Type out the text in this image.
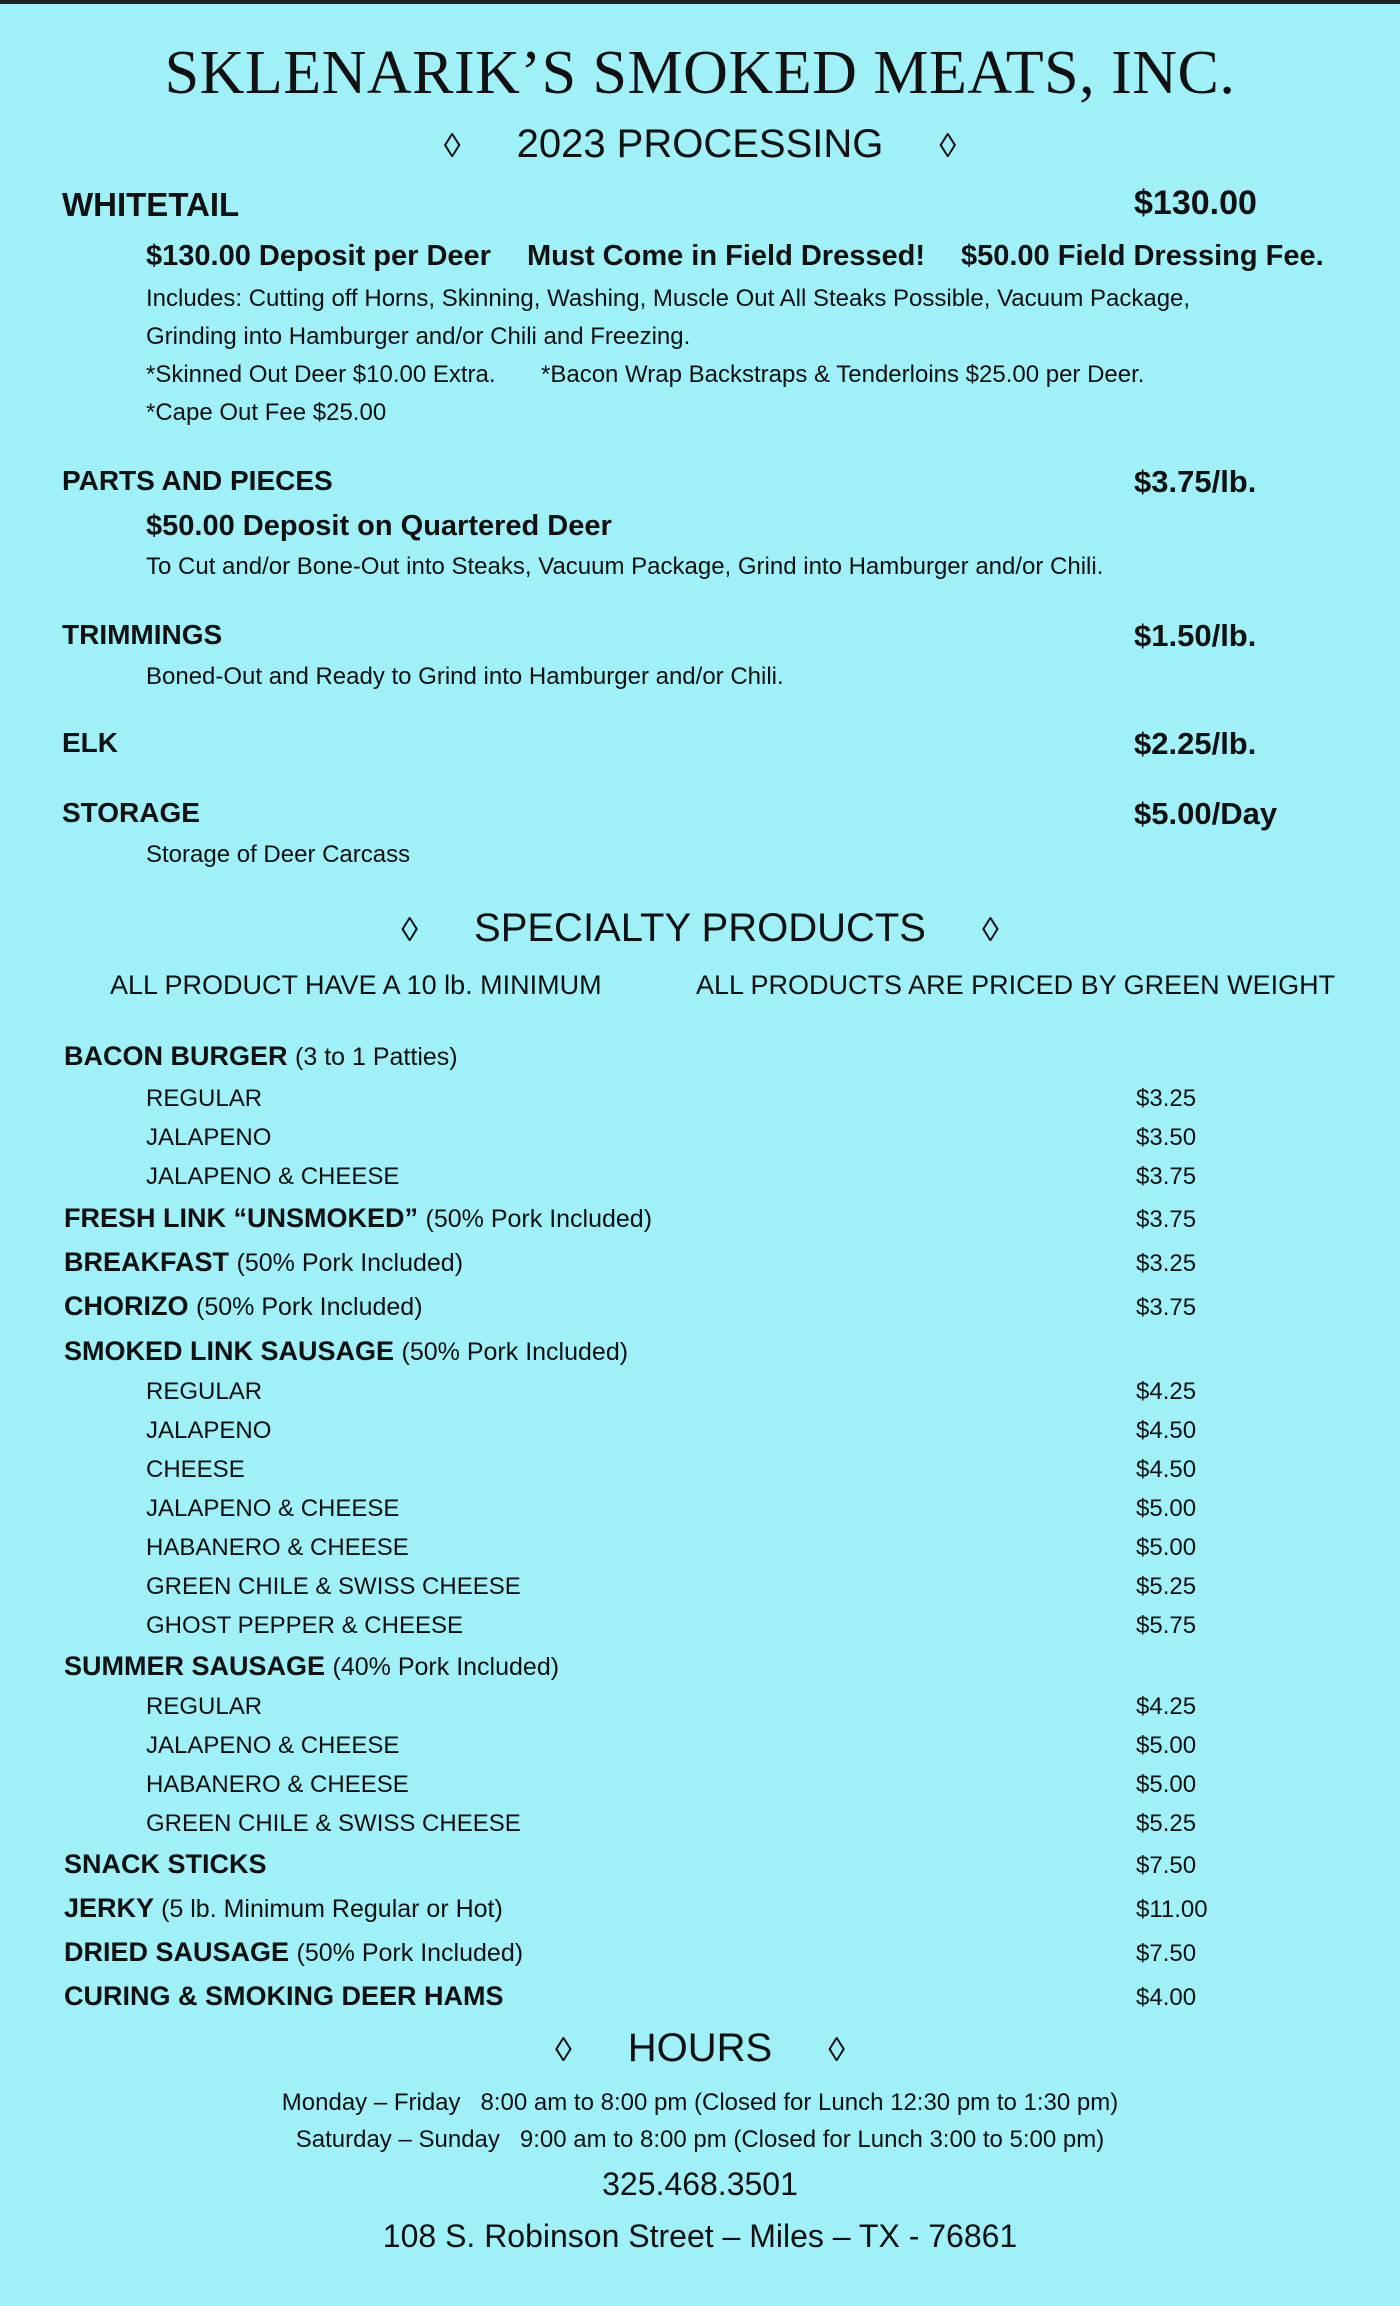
SKLENARIK’S SMOKED MEATS, INC.
◊ 2023 PROCESSING ◊
WHITETAIL	$130.00
$130.00 Deposit per Deer Must Come in Field Dressed! $50.00 Field Dressing Fee.
Includes: Cutting off Horns, Skinning, Washing, Muscle Out All Steaks Possible, Vacuum Package,
Grinding into Hamburger and/or Chili and Freezing.
*Skinned Out Deer $10.00 Extra. *Bacon Wrap Backstraps & Tenderloins $25.00 per Deer.
*Cape Out Fee $25.00
PARTS AND PIECES	$3.75/lb.
$50.00 Deposit on Quartered Deer
To Cut and/or Bone-Out into Steaks, Vacuum Package, Grind into Hamburger and/or Chili.
TRIMMINGS	$1.50/lb.
Boned-Out and Ready to Grind into Hamburger and/or Chili.
ELK	$2.25/lb.
STORAGE	$5.00/Day
Storage of Deer Carcass
◊ SPECIALTY PRODUCTS ◊
ALL PRODUCT HAVE A 10 lb. MINIMUM	ALL PRODUCTS ARE PRICED BY GREEN WEIGHT
BACON BURGER (3 to 1 Patties)
REGULAR	$3.25
JALAPENO	$3.50
JALAPENO & CHEESE	$3.75
FRESH LINK “UNSMOKED” (50% Pork Included)	$3.75
BREAKFAST (50% Pork Included)	$3.25
CHORIZO (50% Pork Included)	$3.75
SMOKED LINK SAUSAGE (50% Pork Included)
REGULAR	$4.25
JALAPENO	$4.50
CHEESE	$4.50
JALAPENO & CHEESE	$5.00
HABANERO & CHEESE	$5.00
GREEN CHILE & SWISS CHEESE	$5.25
GHOST PEPPER & CHEESE	$5.75
SUMMER SAUSAGE (40% Pork Included)
REGULAR	$4.25
JALAPENO & CHEESE	$5.00
HABANERO & CHEESE	$5.00
GREEN CHILE & SWISS CHEESE	$5.25
SNACK STICKS	$7.50
JERKY (5 lb. Minimum Regular or Hot)	$11.00
DRIED SAUSAGE (50% Pork Included)	$7.50
CURING & SMOKING DEER HAMS	$4.00
◊ HOURS ◊
Monday – Friday   8:00 am to 8:00 pm (Closed for Lunch 12:30 pm to 1:30 pm)
Saturday – Sunday   9:00 am to 8:00 pm (Closed for Lunch 3:00 to 5:00 pm)
325.468.3501
108 S. Robinson Street – Miles – TX - 76861
